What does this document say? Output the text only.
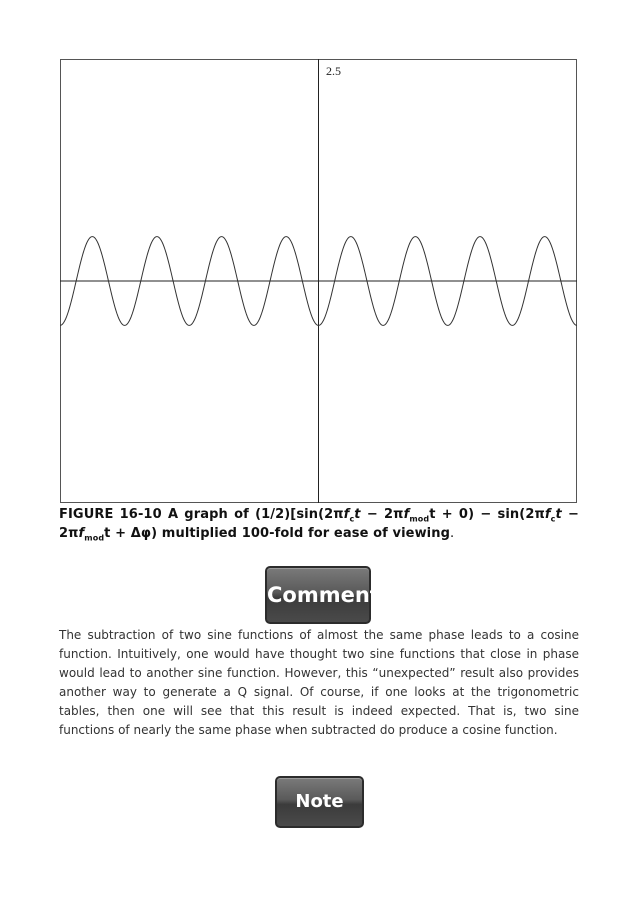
2.5
FIGURE 16-10 A graph of $(1/2)[\sin(2\pi f_ct - 2\pi f_{mod}t + 0) - \sin(2\pi f_ct - 2\pi f_{mod}t + \Delta\varphi)$ multiplied 100-fold for ease of viewing.
Comment
The subtraction of two sine functions of almost the same phase leads to a cosine function. Intuitively, one would have thought two sine functions that close in phase would lead to another sine function. However, this “unexpected” result also provides another way to generate a Q signal. Of course, if one looks at the trigonometric tables, then one will see that this result is indeed expected. That is, two sine functions of nearly the same phase when subtracted do produce a cosine function.
Note
